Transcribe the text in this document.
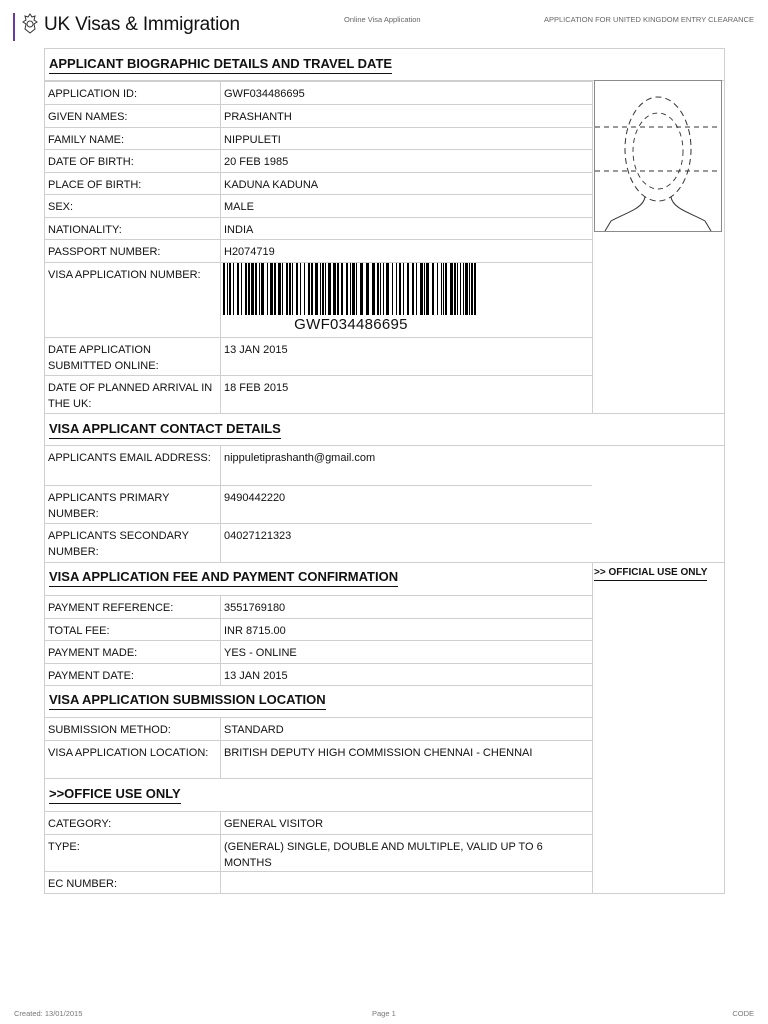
UK Visas & Immigration	Online Visa Application	APPLICATION FOR UNITED KINGDOM ENTRY CLEARANCE
APPLICANT BIOGRAPHIC DETAILS AND TRAVEL DATE
APPLICATION ID:	GWF034486695
GIVEN NAMES:	PRASHANTH
FAMILY NAME:	NIPPULETI
DATE OF BIRTH:	20 FEB 1985
PLACE OF BIRTH:	KADUNA KADUNA
SEX:	MALE
NATIONALITY:	INDIA
PASSPORT NUMBER:	H2074719
VISA APPLICATION NUMBER:
GWF034486695
DATE APPLICATION SUBMITTED ONLINE:
13 JAN 2015
DATE OF PLANNED ARRIVAL IN THE UK:
18 FEB 2015
VISA APPLICANT CONTACT DETAILS
APPLICANTS EMAIL ADDRESS:	nippuletiprashanth@gmail.com
APPLICANTS PRIMARY NUMBER:
9490442220
APPLICANTS SECONDARY NUMBER:
04027121323
VISA APPLICATION FEE AND PAYMENT CONFIRMATION	>> OFFICIAL USE ONLY
PAYMENT REFERENCE:	3551769180
TOTAL FEE:	INR 8715.00
PAYMENT MADE:	YES - ONLINE
PAYMENT DATE:	13 JAN 2015
VISA APPLICATION SUBMISSION LOCATION
SUBMISSION METHOD:	STANDARD
VISA APPLICATION LOCATION:	BRITISH DEPUTY HIGH COMMISSION CHENNAI - CHENNAI
>>OFFICE USE ONLY
CATEGORY:	GENERAL VISITOR
TYPE:	(GENERAL) SINGLE, DOUBLE AND MULTIPLE, VALID UP TO 6 MONTHS
EC NUMBER:
Created: 13/01/2015	Page 1	CODE
